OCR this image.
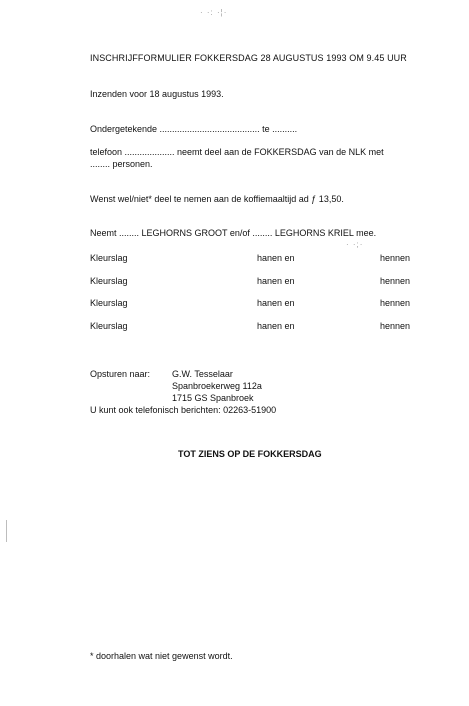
· ·: ·¦·
· ·;·
INSCHRIJFFORMULIER FOKKERSDAG 28 AUGUSTUS 1993 OM 9.45 UUR
Inzenden voor 18 augustus 1993.
Ondergetekende ........................................ te ..........
telefoon .................... neemt deel aan de FOKKERSDAG van de NLK met
........ personen.
Wenst wel/niet* deel te nemen aan de koffiemaaltijd ad ƒ 13,50.
Neemt ........ LEGHORNS GROOT en/of ........ LEGHORNS KRIEL mee.
Kleurslag	hanen en	hennen
Kleurslag	hanen en	hennen
Kleurslag	hanen en	hennen
Kleurslag	hanen en	hennen
Opsturen naar: G.W. Tesselaar
Spanbroekerweg 112a
1715 GS Spanbroek
U kunt ook telefonisch berichten: 02263-51900
TOT ZIENS OP DE FOKKERSDAG
* doorhalen wat niet gewenst wordt.
